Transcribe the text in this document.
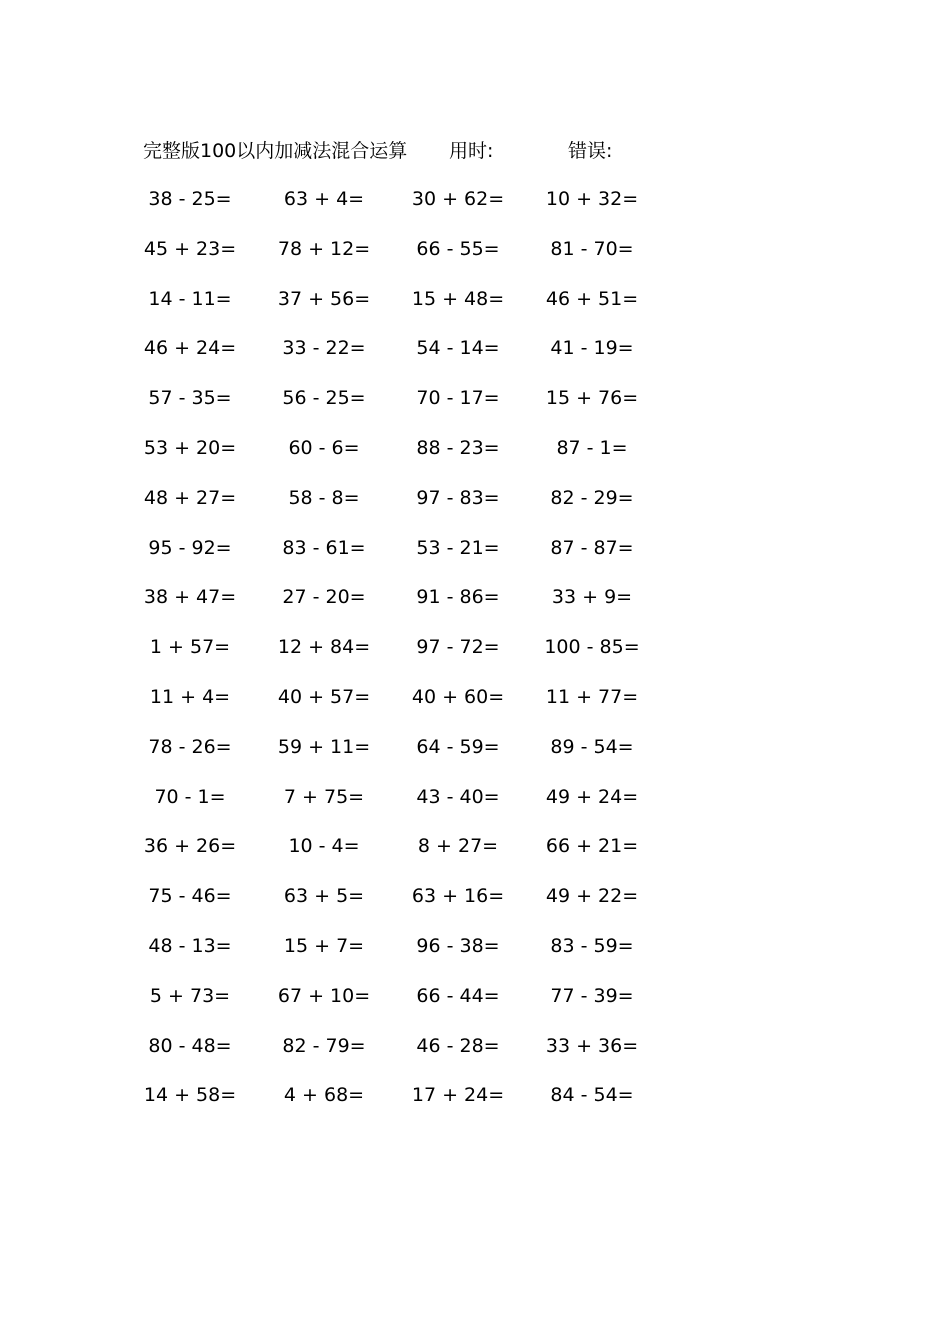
完整版100以内加减法混合运算 用时:	错误:
38 - 25=	63 + 4=	30 + 62=	10 + 32=
45 + 23=	78 + 12=	66 - 55=	81 - 70=
14 - 11=	37 + 56=	15 + 48=	46 + 51=
46 + 24=	33 - 22=	54 - 14=	41 - 19=
57 - 35=	56 - 25=	70 - 17=	15 + 76=
53 + 20=	60 - 6=	88 - 23=	87 - 1=
48 + 27=	58 - 8=	97 - 83=	82 - 29=
95 - 92=	83 - 61=	53 - 21=	87 - 87=
38 + 47=	27 - 20=	91 - 86=	33 + 9=
1 + 57=	12 + 84=	97 - 72=	100 - 85=
11 + 4=	40 + 57=	40 + 60=	11 + 77=
78 - 26=	59 + 11=	64 - 59=	89 - 54=
70 - 1=	7 + 75=	43 - 40=	49 + 24=
36 + 26=	10 - 4=	8 + 27=	66 + 21=
75 - 46=	63 + 5=	63 + 16=	49 + 22=
48 - 13=	15 + 7=	96 - 38=	83 - 59=
5 + 73=	67 + 10=	66 - 44=	77 - 39=
80 - 48=	82 - 79=	46 - 28=	33 + 36=
14 + 58=	4 + 68=	17 + 24=	84 - 54=
